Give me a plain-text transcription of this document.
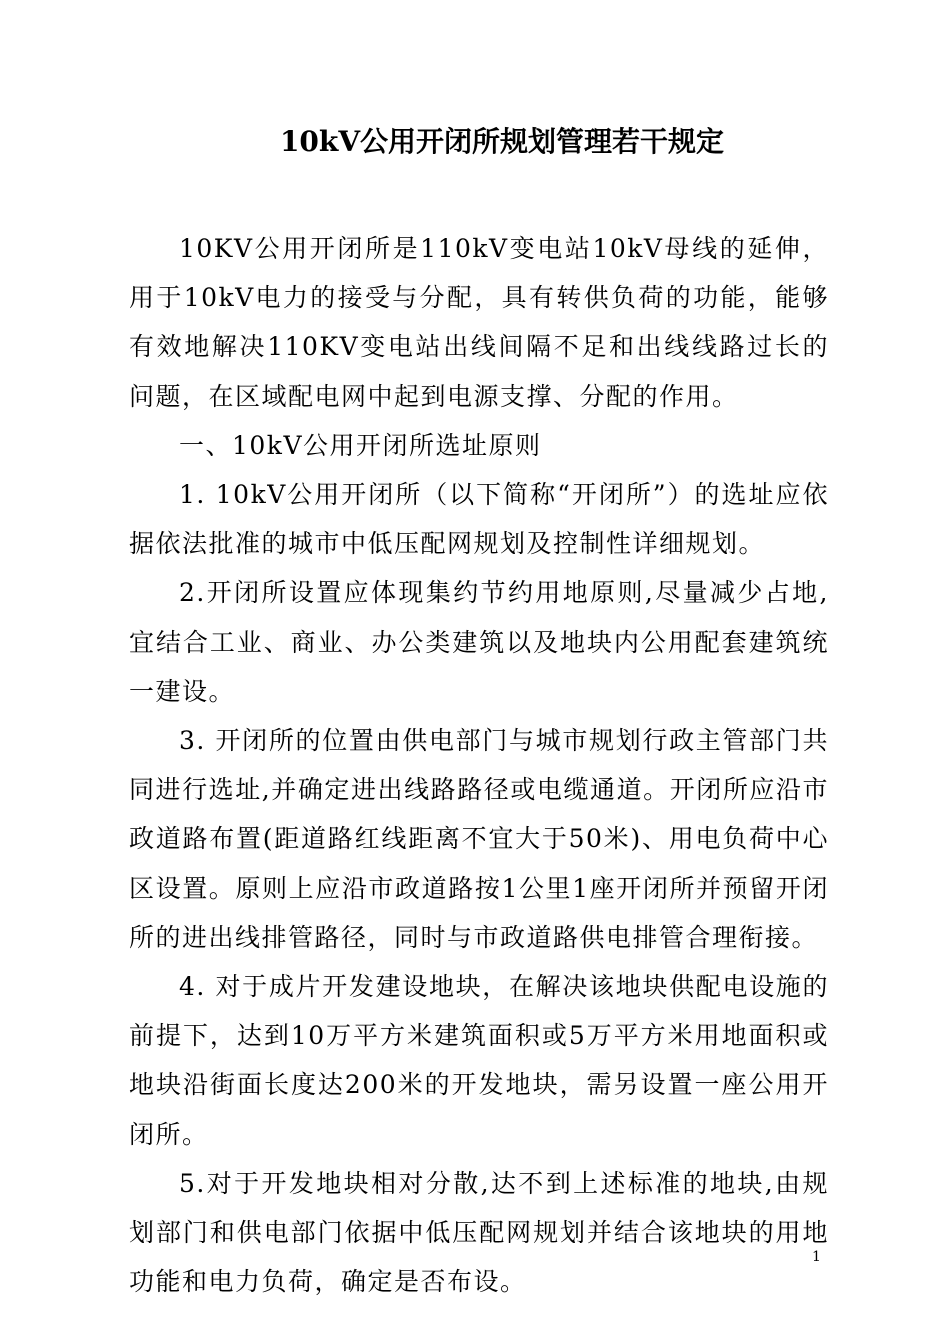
10kV公用开闭所规划管理若干规定

10KV公用开闭所是110kV变电站10kV母线的延伸，用于10kV电力的接受与分配，具有转供负荷的功能，能够有效地解决110KV变电站出线间隔不足和出线线路过长的问题，在区域配电网中起到电源支撑、分配的作用。

一、10kV公用开闭所选址原则

1. 10kV公用开闭所（以下简称“开闭所”）的选址应依据依法批准的城市中低压配网规划及控制性详细规划。

2.开闭所设置应体现集约节约用地原则,尽量减少占地,宜结合工业、商业、办公类建筑以及地块内公用配套建筑统一建设。

3. 开闭所的位置由供电部门与城市规划行政主管部门共同进行选址,并确定进出线路路径或电缆通道。开闭所应沿市政道路布置(距道路红线距离不宜大于50米)、用电负荷中心区设置。原则上应沿市政道路按1公里1座开闭所并预留开闭所的进出线排管路径，同时与市政道路供电排管合理衔接。

4. 对于成片开发建设地块，在解决该地块供配电设施的前提下，达到10万平方米建筑面积或5万平方米用地面积或地块沿街面长度达200米的开发地块，需另设置一座公用开闭所。

5.对于开发地块相对分散,达不到上述标准的地块,由规划部门和供电部门依据中低压配网规划并结合该地块的用地功能和电力负荷，确定是否布设。

1
